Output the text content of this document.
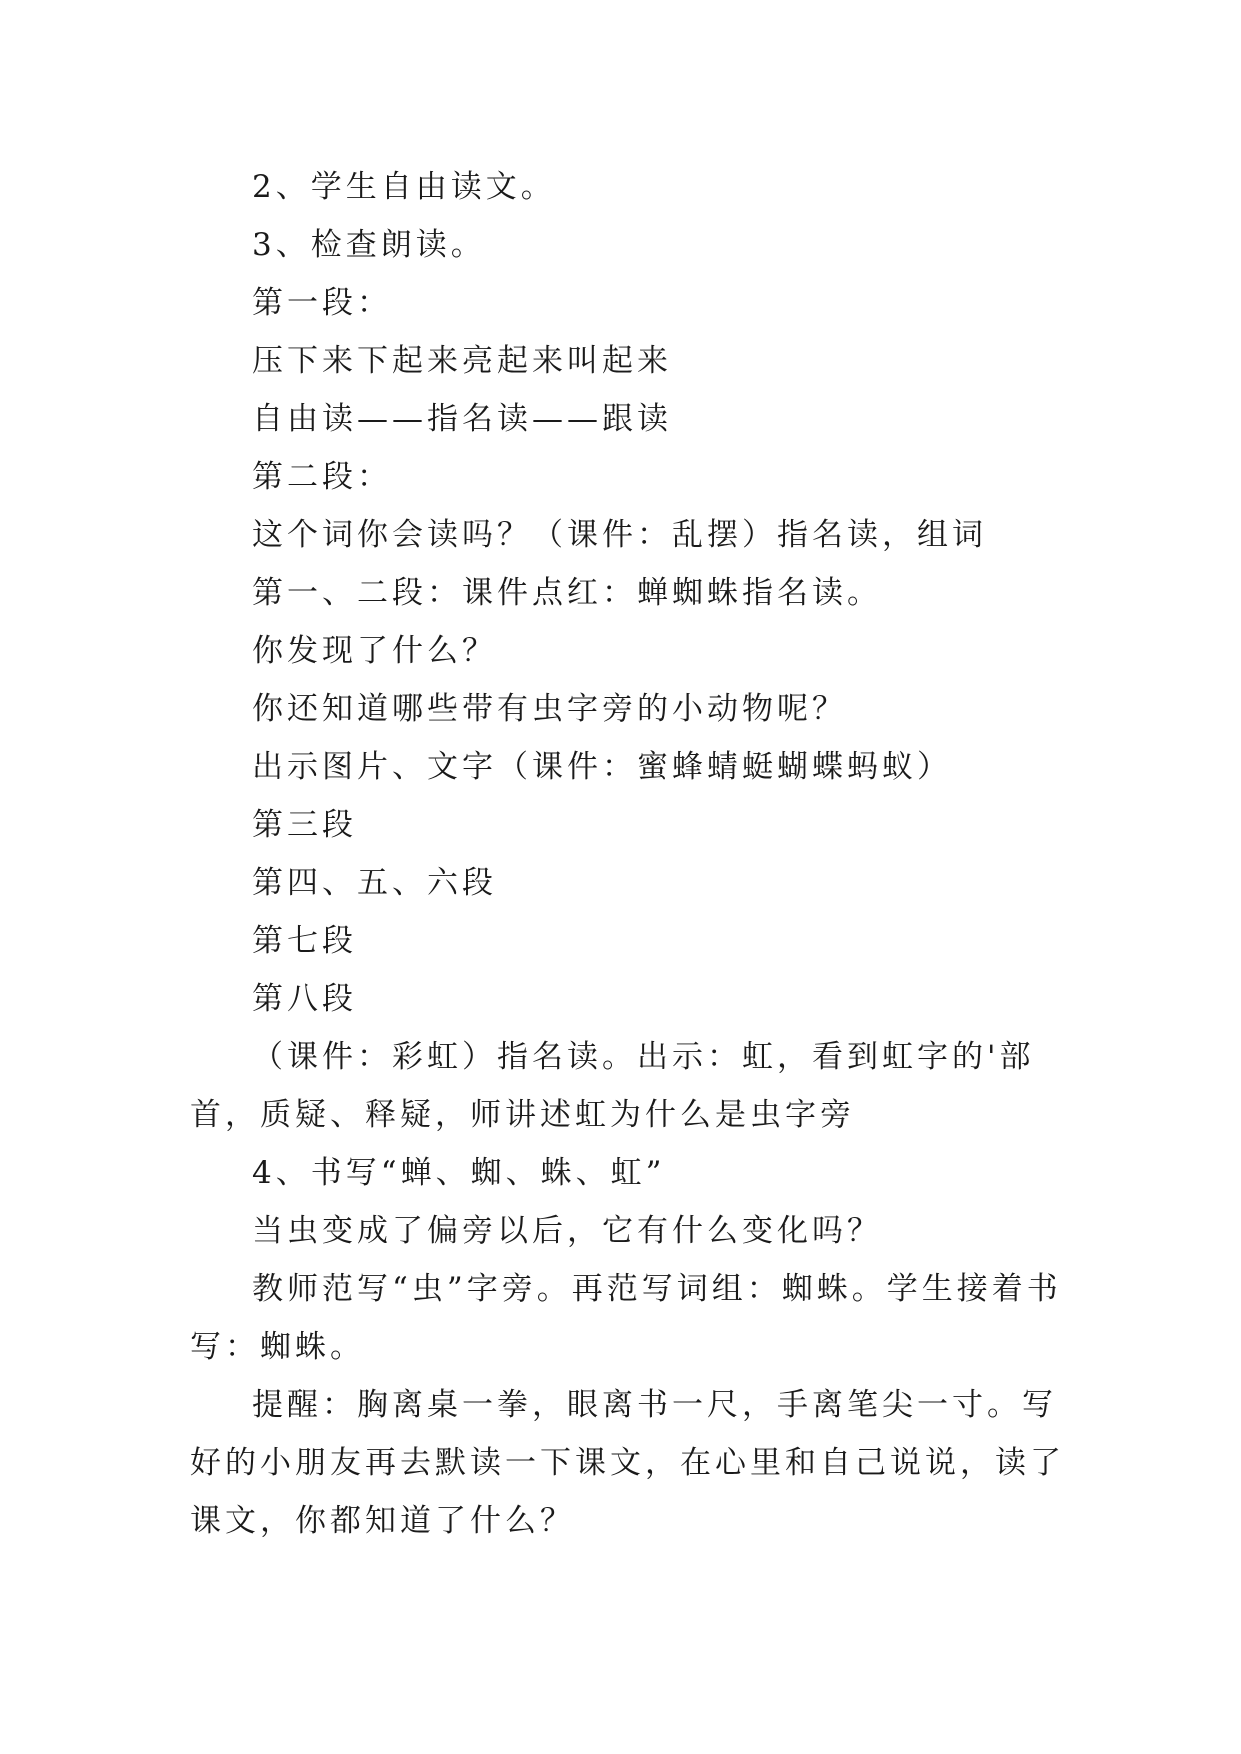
2、学生自由读文。

3、检查朗读。

第一段：

压下来下起来亮起来叫起来

自由读——指名读——跟读

第二段：

这个词你会读吗？（课件：乱摆）指名读，组词

第一、二段：课件点红：蝉蜘蛛指名读。

你发现了什么？

你还知道哪些带有虫字旁的小动物呢？

出示图片、文字（课件：蜜蜂蜻蜓蝴蝶蚂蚁）

第三段

第四、五、六段

第七段

第八段

（课件：彩虹）指名读。出示：虹，看到虹字的'部首，质疑、释疑，师讲述虹为什么是虫字旁

4、书写“蝉、蜘、蛛、虹”

当虫变成了偏旁以后，它有什么变化吗？

教师范写“虫”字旁。再范写词组：蜘蛛。学生接着书写：蜘蛛。

提醒：胸离桌一拳，眼离书一尺，手离笔尖一寸。写好的小朋友再去默读一下课文，在心里和自己说说，读了课文，你都知道了什么？
